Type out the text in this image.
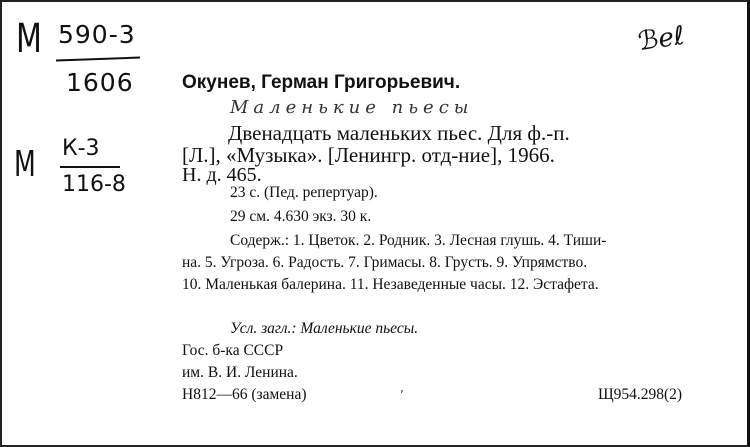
М 590-3
1606
М К-3
116-8
ℬℯℓ
Маленькие пьесы
ʼ
Окунев, Герман Григорьевич.
Двенадцать маленьких пьес. Для ф.-п.
[Л.], «Музыка». [Ленингр. отд-ние], 1966.
Н. д. 465.
23 с. (Пед. репертуар).
29 см. 4.630 экз. 30 к.
Содерж.: 1. Цветок. 2. Родник. 3. Лесная глушь. 4. Тиши-
на. 5. Угроза. 6. Радость. 7. Гримасы. 8. Грусть. 9. Упрямство.
10. Маленькая балерина. 11. Незаведенные часы. 12. Эстафета.
Усл. загл.: Маленькие пьесы.
Гос. б-ка СССР
им. В. И. Ленина.
Н812—66 (замена)	Щ954.298(2)
